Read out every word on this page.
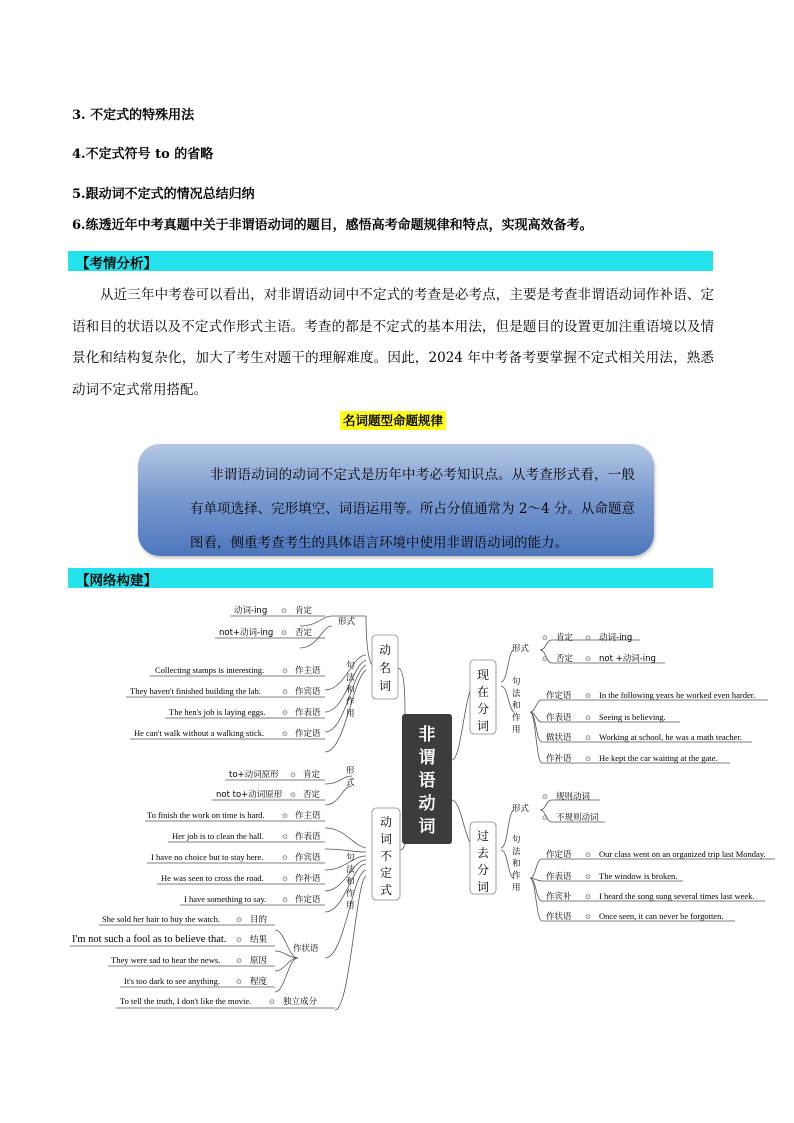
3. 不定式的特殊用法
4.不定式符号 to 的省略
5.跟动词不定式的情况总结归纳
6.练透近年中考真题中关于非谓语动词的题目，感悟高考命题规律和特点，实现高效备考。
【考情分析】
从近三年中考卷可以看出，对非谓语动词中不定式的考查是必考点，主要是考查非谓语动词作补语、定语和目的状语以及不定式作形式主语。考查的都是不定式的基本用法，但是题目的设置更加注重语境以及情景化和结构复杂化，加大了考生对题干的理解难度。因此，2024 年中考备考要掌握不定式相关用法，熟悉动词不定式常用搭配。
名词题型命题规律
非谓语动词的动词不定式是历年中考必考知识点。从考查形式看，一般有单项选择、完形填空、词语运用等。所占分值通常为 2～4 分。从命题意图看，侧重考查考生的具体语言环境中使用非谓语动词的能力。
【网络构建】
非
谓
语
动
词
动
名
词
动
词
不
定
式
现
在
分
词
过
去
分
词
形式
句
法
和
作
用
动词-ing ⊙ 肯定
not+动词-ing ⊙ 否定
Collecting stamps is interesting.	⊙ 作主语
They haven't finished building the lab.	⊙ 作宾语
The hen's job is laying eggs. ⊙ 作表语
He can't walk without a walking stick.	⊙ 作定语
形
式
句
法
和
作
用
to+动词原形 ⊙ 肯定
not to+动词原形 ⊙ 否定
To finish the work on time is hard.	⊙ 作主语
Her job is to clean the hall.	⊙ 作表语
I have no choice but to stay here.	⊙ 作宾语
He was seen to cross the road.	⊙ 作补语
I have something to say. ⊙ 作定语
作状语
She sold her hair to buy the watch. ⊙ 目的
I'm not such a fool as to believe that. ⊙ 结果
They were sad to hear the news. ⊙ 原因
It's too dark to see anything. ⊙ 程度
To tell the truth, I don't like the movie.	⊙ 独立成分
形式
句
法
和
作
用
⊙ 肯定 ⊙ 动词-ing
⊙ 否定 ⊙ not +动词-ing
作定语 ⊙ In the following years he worked even harder.
作表语 ⊙ Seeing is believing.
做状语 ⊙ Working at school, he was a math teacher.
作补语 ⊙ He kept the car waiting at the gate.
形式
句
法
和
作
用
⊙ 规则动词
⊙ 不规则动词
作定语 ⊙ Our class went on an organized trip last Monday.
作表语 ⊙ The window is broken.
作宾补 ⊙ I heard the song sung several times last week.
作状语 ⊙ Once seen, it can never be forgotten.
